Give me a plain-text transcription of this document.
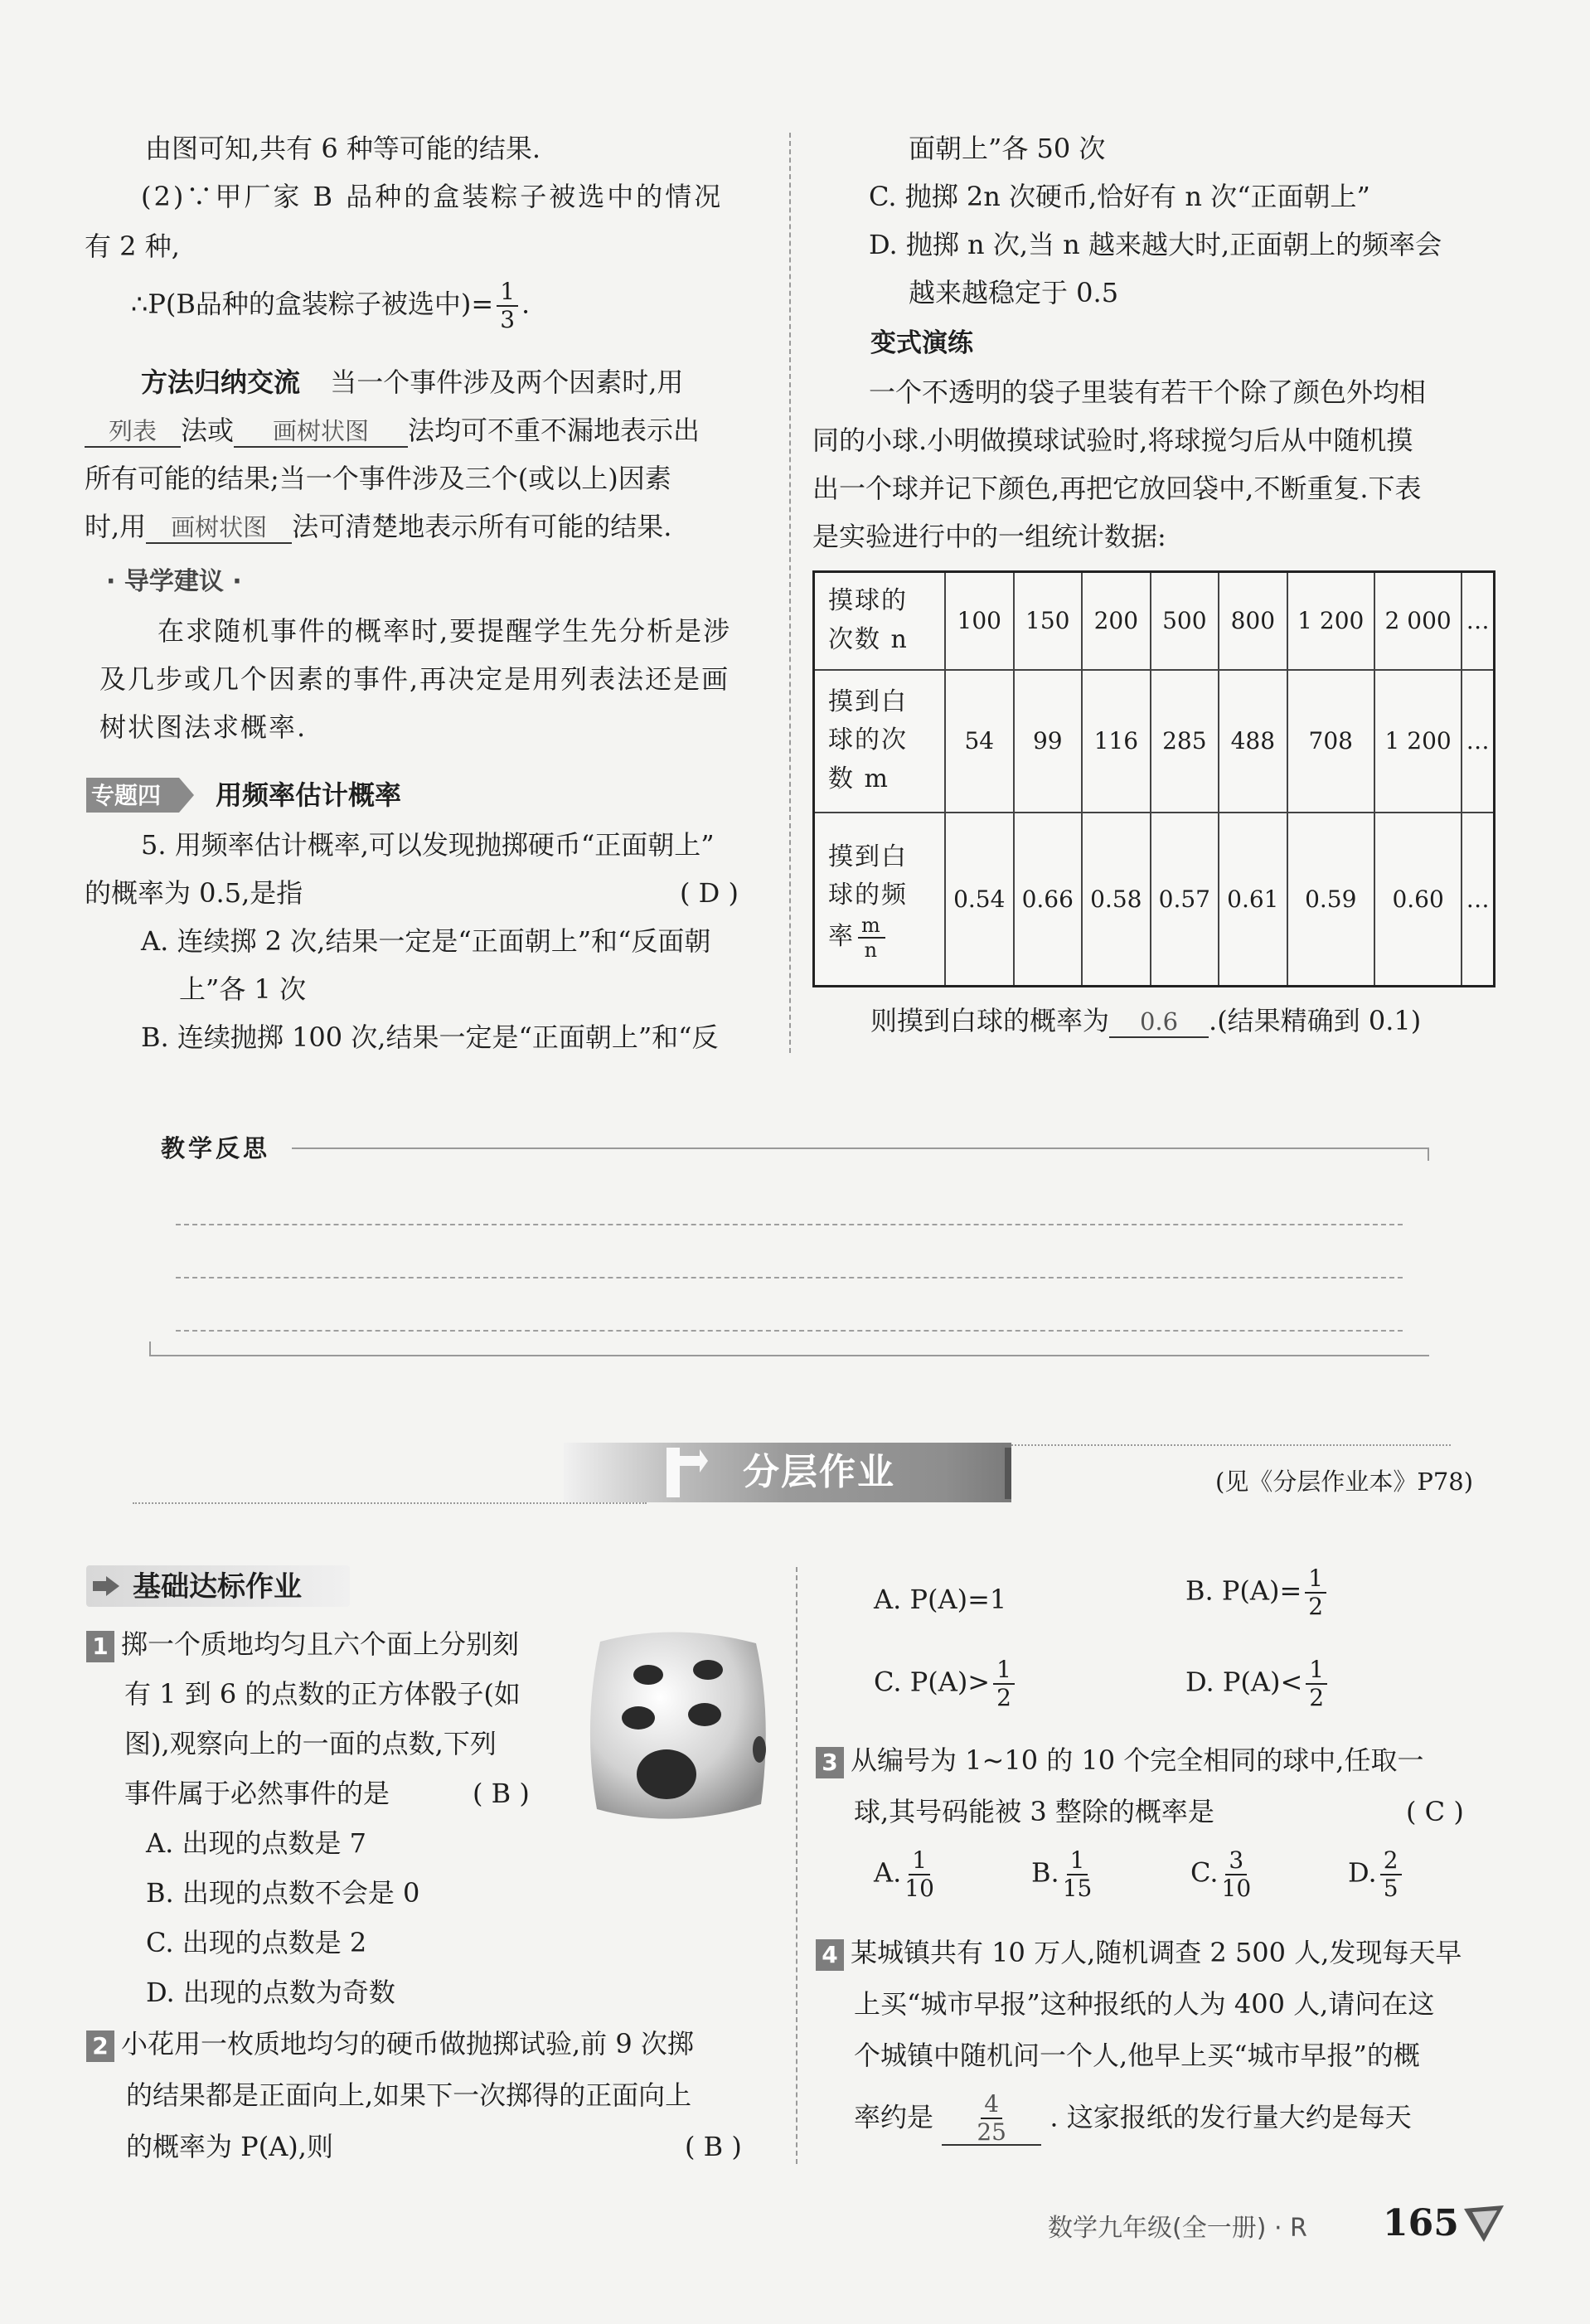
由图可知,共有 6 种等可能的结果.
(2)∵甲厂家 B 品种的盒装粽子被选中的情况
有 2 种,
∴P(B品种的盒装粽子被选中)= $\frac{1}{3}$ .
方法归纳交流 当一个事件涉及两个因素时,用
列表 法或 画树状图 法均可不重不漏地表示出
所有可能的结果;当一个事件涉及三个(或以上)因素
时,用 画树状图 法可清楚地表示所有可能的结果.
· 导学建议 ·
在求随机事件的概率时,要提醒学生先分析是涉
及几步或几个因素的事件,再决定是用列表法还是画
树状图法求概率.
专题四 用频率估计概率
5. 用频率估计概率,可以发现抛掷硬币“正面朝上”
的概率为 0.5,是指	( D )
A. 连续掷 2 次,结果一定是“正面朝上”和“反面朝
上”各 1 次
B. 连续抛掷 100 次,结果一定是“正面朝上”和“反
面朝上”各 50 次
C. 抛掷 2n 次硬币,恰好有 n 次“正面朝上”
D. 抛掷 n 次,当 n 越来越大时,正面朝上的频率会
越来越稳定于 0.5
变式演练
一个不透明的袋子里装有若干个除了颜色外均相
同的小球.小明做摸球试验时,将球搅匀后从中随机摸
出一个球并记下颜色,再把它放回袋中,不断重复.下表
是实验进行中的一组统计数据:
摸球的
次数 n	100	150	200	500	800	1 200	2 000	…

摸到白
球的次
数 m	54	99	116	285	488	708	1 200	…

摸到白
球的频
率 $\frac{m}{n}$	0.54	0.66	0.58	0.57	0.61	0.59	0.60	…
则摸到白球的概率为 0.6 .(结果精确到 0.1)
教学反思
分层作业	(见《分层作业本》P78)
基础达标作业
1 掷一个质地均匀且六个面上分别刻
有 1 到 6 的点数的正方体骰子(如
图),观察向上的一面的点数,下列
事件属于必然事件的是	( B )
A. 出现的点数是 7
B. 出现的点数不会是 0
C. 出现的点数是 2
D. 出现的点数为奇数
2 小花用一枚质地均匀的硬币做抛掷试验,前 9 次掷
的结果都是正面向上,如果下一次掷得的正面向上
的概率为 P(A),则	( B )
A. P(A)=1	B. $P(A)= \frac{1}{2}$
C. $P(A)> \frac{1}{2}$	D. $P(A)< \frac{1}{2}$
3 从编号为 1~10 的 10 个完全相同的球中,任取一
球,其号码能被 3 整除的概率是	( C )
A. $\frac{1}{10}$	B. $\frac{1}{15}$	C. $\frac{3}{10}$	D. $\frac{2}{5}$
4 某城镇共有 10 万人,随机调查 2 500 人,发现每天早
上买“城市早报”这种报纸的人为 400 人,请问在这
个城镇中随机问一个人,他早上买“城市早报”的概
率约是 $\frac{4}{25}$ . 这家报纸的发行量大约是每天
数学九年级(全一册) · R 165
